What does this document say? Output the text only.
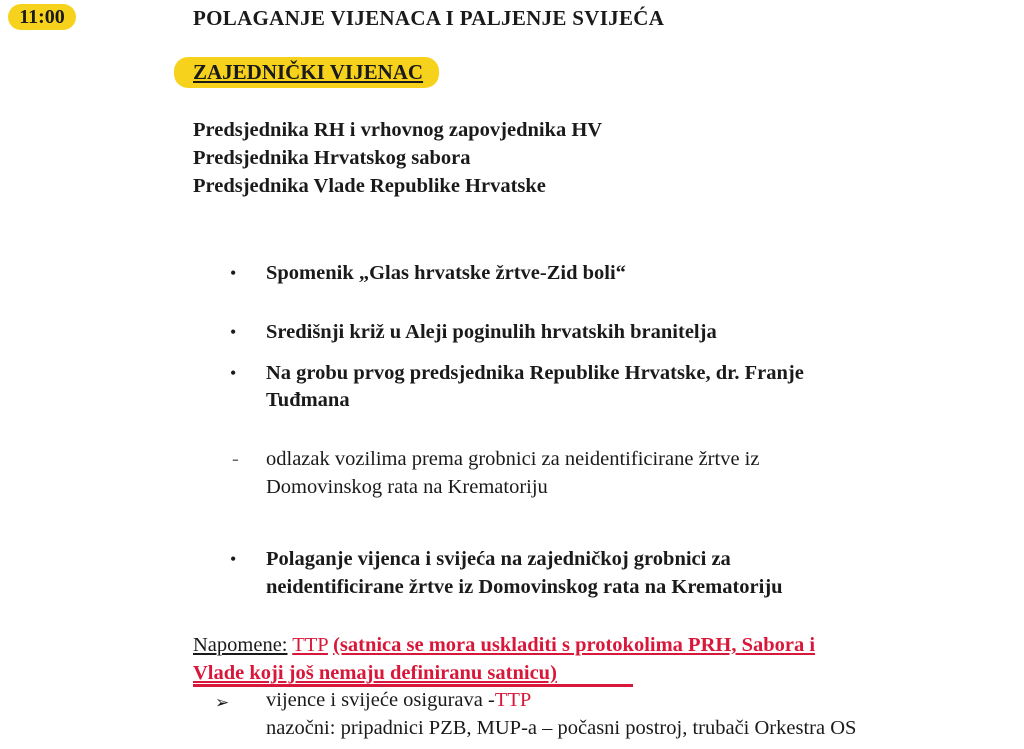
11:00	POLAGANJE VIJENACA I PALJENJE SVIJEĆA
ZAJEDNIČKI VIJENAC
Predsjednika RH i vrhovnog zapovjednika HV
Predsjednika Hrvatskog sabora
Predsjednika Vlade Republike Hrvatske
• Spomenik „Glas hrvatske žrtve-Zid boli“
• Središnji križ u Aleji poginulih hrvatskih branitelja
• Na grobu prvog predsjednika Republike Hrvatske, dr. Franje
Tuđmana
- odlazak vozilima prema grobnici za neidentificirane žrtve iz
Domovinskog rata na Krematoriju
• Polaganje vijenca i svijeća na zajedničkoj grobnici za
neidentificirane žrtve iz Domovinskog rata na Krematoriju
Napomene: TTP (satnica se mora uskladiti s protokolima PRH, Sabora i
Vlade koji još nemaju definiranu satnicu)
➢ vijence i svijeće osigurava -TTP
nazočni: pripadnici PZB, MUP-a – počasni postroj, trubači Orkestra OS
